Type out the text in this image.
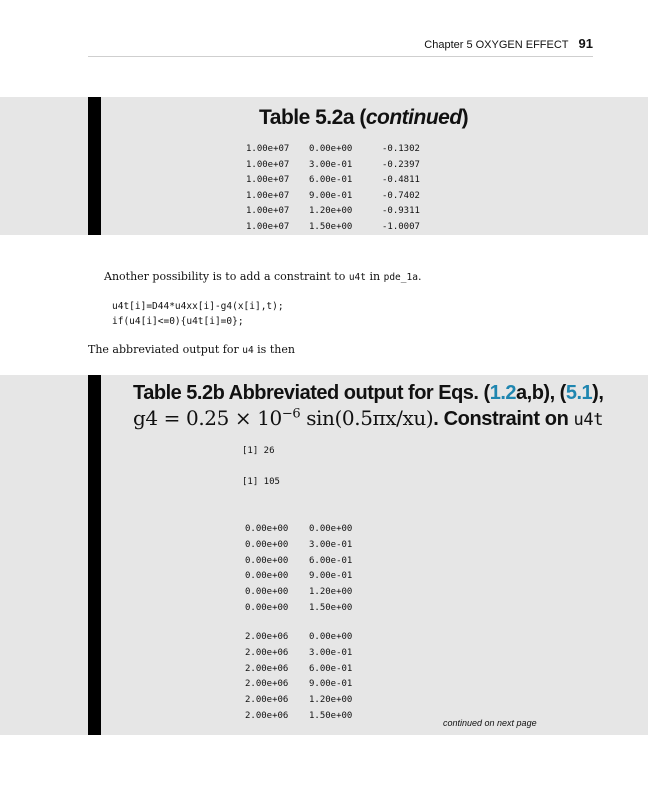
Chapter 5 OXYGEN EFFECT 91
Table 5.2a (continued)
1.00e+07 0.00e+00	-0.1302
1.00e+07 3.00e-01	-0.2397
1.00e+07 6.00e-01	-0.4811
1.00e+07 9.00e-01	-0.7402
1.00e+07 1.20e+00	-0.9311
1.00e+07 1.50e+00	-1.0007
Another possibility is to add a constraint to u4t in pde_1a.
u4t[i]=D44*u4xx[i]-g4(x[i],t);
if(u4[i]<=0){u4t[i]=0};
The abbreviated output for u4 is then
Table 5.2b Abbreviated output for Eqs. (1.2a,b), (5.1),
$g4 = 0.25 \times 10^{-6}$ sin(0.5πx/xu). Constraint on u4t
[1] 26
[1] 105
0.00e+00 0.00e+00
0.00e+00 3.00e-01
0.00e+00 6.00e-01
0.00e+00 9.00e-01
0.00e+00 1.20e+00
0.00e+00 1.50e+00
2.00e+06 0.00e+00
2.00e+06 3.00e-01
2.00e+06 6.00e-01
2.00e+06 9.00e-01
2.00e+06 1.20e+00
2.00e+06 1.50e+00
continued on next page
